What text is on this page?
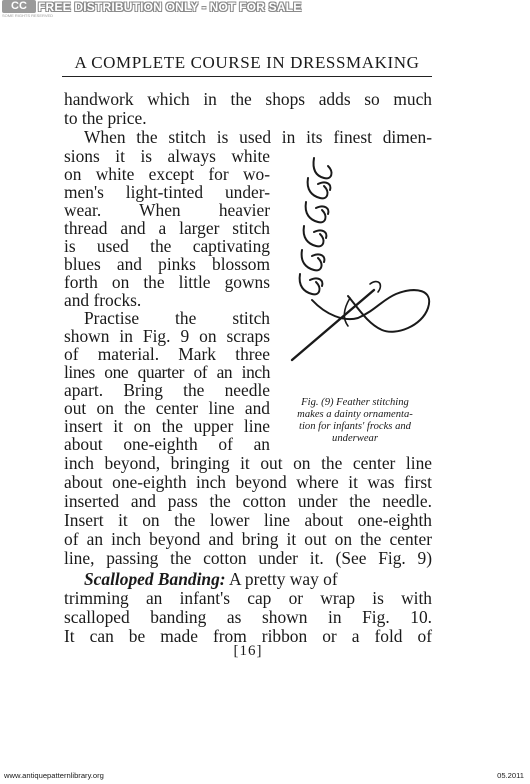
CC
SOME RIGHTS RESERVED
FREE DISTRIBUTION ONLY - NOT FOR SALE
A COMPLETE COURSE IN DRESSMAKING
handwork which in the shops adds so much
to the price.
When the stitch is used in its finest dimen-
sions it is always white
on white except for wo-
men's light-tinted under-
wear. When heavier
thread and a larger stitch
is used the captivating
blues and pinks blossom
forth on the little gowns
and frocks.
Practise the stitch
shown in Fig. 9 on scraps
of material. Mark three
lines one quarter of an inch
apart. Bring the needle
out on the center line and
insert it on the upper line
about one-eighth of an
Fig. (9) Feather stitching
makes a dainty ornamenta-
tion for infants' frocks and
underwear
inch beyond, bringing it out on the center line
about one-eighth inch beyond where it was first
inserted and pass the cotton under the needle.
Insert it on the lower line about one-eighth
of an inch beyond and bring it out on the center
line, passing the cotton under it. (See Fig. 9)
Scalloped Banding: A pretty way of
trimming an infant's cap or wrap is with
scalloped banding as shown in Fig. 10.
It can be made from ribbon or a fold of
[16]
www.antiquepatternlibrary.org	05.2011
